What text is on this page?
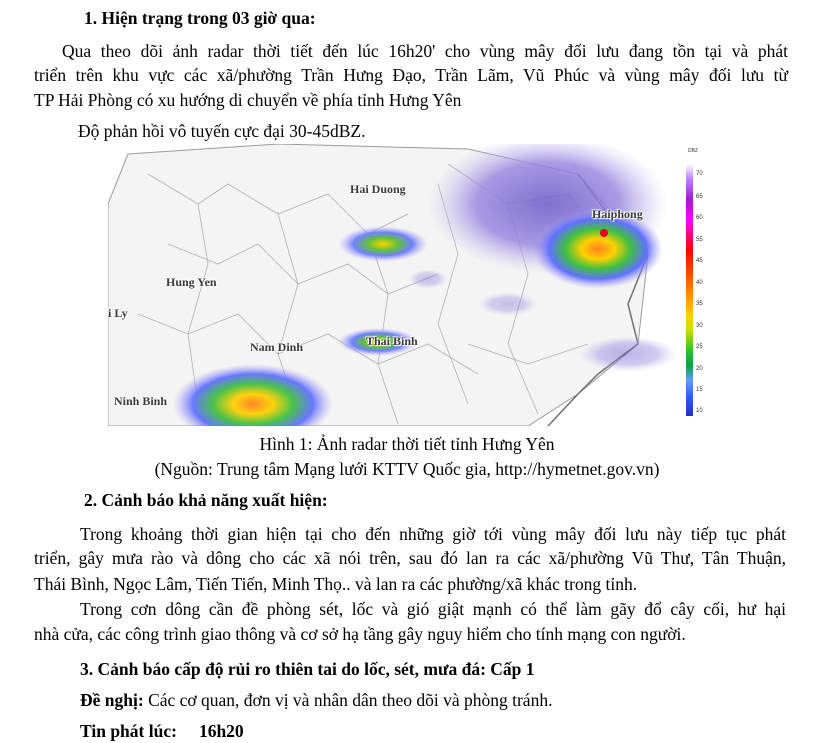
1. Hiện trạng trong 03 giờ qua:

Qua theo dõi ảnh radar thời tiết đến lúc 16h20' cho vùng mây đối lưu đang tồn tại và phát

triển trên khu vực các xã/phường Trần Hưng Đạo, Trần Lãm, Vũ Phúc và vùng mây đối lưu từ

TP Hải Phòng có xu hướng di chuyển về phía tỉnh Hưng Yên

Độ phản hồi vô tuyến cực đại 30-45dBZ.

Hai Duong
Haiphong
Hung Yen
i Ly
Nam Dinh	Thai Binh
Ninh Binh
DBZ
70
65
60
55
45
40
35
30
25
20
15
10

Hình 1: Ảnh radar thời tiết tỉnh Hưng Yên

(Nguồn: Trung tâm Mạng lưới KTTV Quốc gia, http://hymetnet.gov.vn)

2. Cảnh báo khả năng xuất hiện:

Trong khoảng thời gian hiện tại cho đến những giờ tới vùng mây đối lưu này tiếp tục phát

triển, gây mưa rào và dông cho các xã nói trên, sau đó lan ra các xã/phường Vũ Thư, Tân Thuận,

Thái Bình, Ngọc Lâm, Tiến Tiến, Minh Thọ.. và lan ra các phường/xã khác trong tỉnh.

Trong cơn dông cần đề phòng sét, lốc và gió giật mạnh có thể làm gãy đổ cây cối, hư hại

nhà cửa, các công trình giao thông và cơ sở hạ tầng gây nguy hiểm cho tính mạng con người.

3. Cảnh báo cấp độ rủi ro thiên tai do lốc, sét, mưa đá: Cấp 1

Đề nghị: Các cơ quan, đơn vị và nhân dân theo dõi và phòng tránh.

Tin phát lúc: 16h20
